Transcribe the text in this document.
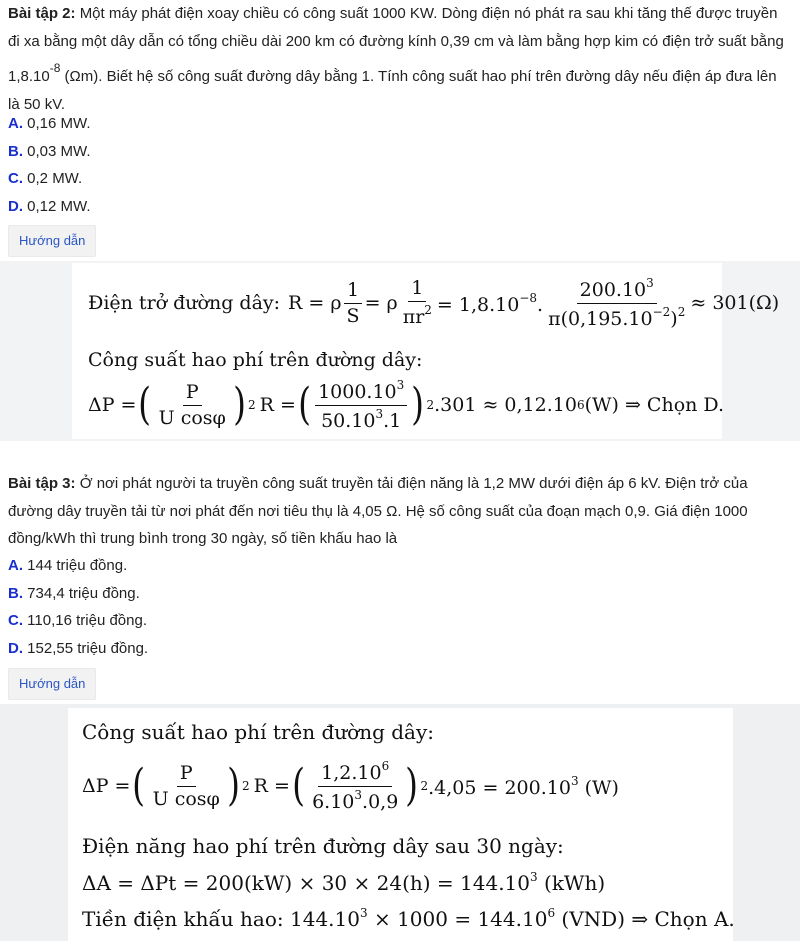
Bài tập 2: Một máy phát điện xoay chiều có công suất 1000 KW. Dòng điện nó phát ra sau khi tăng thế được truyền đi xa bằng một dây dẫn có tổng chiều dài 200 km có đường kính 0,39 cm và làm bằng hợp kim có điện trở suất bằng $1,8.10^{-8}$ (Ωm). Biết hệ số công suất đường dây bằng 1. Tính công suất hao phí trên đường dây nếu điện áp đưa lên là 50 kV.

A. 0,16 MW.
B. 0,03 MW.
C. 0,2 MW.
D. 0,12 MW.
Hướng dẫn
Điện trở đường dây: R = ρ $\frac{1}{S} = \rho \frac{1}{\pi r^2} = 1,8.10^{-8}$. $\frac{200.10^3}{\pi(0,195.10^{-2})^2} \approx 301(\Omega)$
Công suất hao phí trên đường dây:
ΔP = ( $\frac{P}{\text{U cosφ}}$ ) 2 R = ( $\frac{1000.10^3}{50.10^3.1}$ ) 2 .301 ≈ 0,12.10 6 (W) ⇒ Chọn D.

Bài tập 3: Ở nơi phát người ta truyền công suất truyền tải điện năng là 1,2 MW dưới điện áp 6 kV. Điện trở của đường dây truyền tải từ nơi phát đến nơi tiêu thụ là 4,05 Ω. Hệ số công suất của đoạn mạch 0,9. Giá điện 1000 đồng/kWh thì trung bình trong 30 ngày, số tiền khấu hao là

A. 144 triệu đồng.
B. 734,4 triệu đồng.
C. 110,16 triệu đồng.
D. 152,55 triệu đồng.
Hướng dẫn
Công suất hao phí trên đường dây:
ΔP = ( $\frac{P}{\text{U cosφ}}$ ) 2 R = ( $\frac{1,2.10^6}{6.10^3.0,9}$ ) 2 $.4,05 = 200.10^3$ (W)
Điện năng hao phí trên đường dây sau 30 ngày:
$\Delta A = \Delta Pt = 200(kW) \times 30 \times 24(h) = 144.10^3$ (kWh)
Tiền điện khấu hao: $144.10^3 \times 1000 = 144.10^6$ (VND) ⇒ Chọn A.
